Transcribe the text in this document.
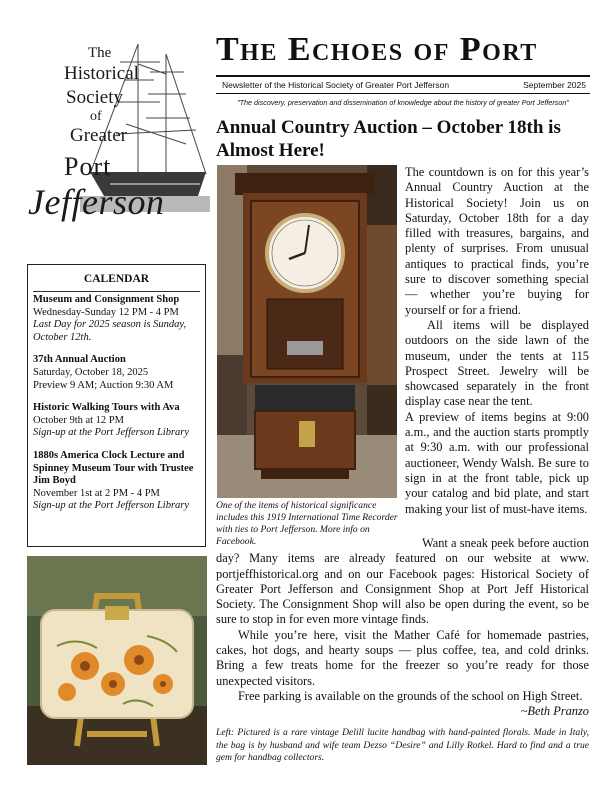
The
Historical
Society
of
Greater
Port
Jefferson
The Echoes of Port
Newsletter of the Historical Society of Greater Port Jefferson	September 2025
"The discovery, preservation and dissemination of knowledge about the history of greater Port Jefferson"
Annual Country Auction – October 18th is Almost Here!
One of the items of historical significance includes this 1919 International Time Recorder with ties to Port Jefferson. More info on Facebook.

The countdown is on for this year’s Annual Country Auction at the Historical Society! Join us on Saturday, October 18th for a day filled with treasures, bargains, and plenty of surprises. From unusual antiques to practical finds, you’re sure to discover something special — whether you’re buying for yourself or for a friend.

All items will be displayed outdoors on the side lawn of the museum, under the tents at 115 Prospect Street. Jewelry will be showcased separately in the front display case near the tent.

A preview of items begins at 9:00 a.m., and the auction starts promptly at 9:30 a.m. with our professional auctioneer, Wendy Walsh. Be sure to sign in at the front table, pick up your catalog and bid plate, and start making your list of must-have items.

Want a sneak peek before auction day? Many items are already featured on our website at www. portjeffhistorical.org and on our Facebook pages: Historical Society of Greater Port Jefferson and Consignment Shop at Port Jeff Historical Society. The Consignment Shop will also be open during the event, so be sure to stop in for even more vintage finds.

While you’re here, visit the Mather Café for homemade pastries, cakes, hot dogs, and hearty soups — plus coffee, tea, and cold drinks. Bring a few treats home for the freezer so you’re ready for those unexpected visitors.

Free parking is available on the grounds of the school on High Street.

~Beth Pranzo

Left: Pictured is a rare vintage Delill lucite handbag with hand-painted florals. Made in Italy, the bag is by husband and wife team Dezso “Desire” and Lilly Rotkel. Hard to find and a true gem for handbag collectors.
CALENDAR
Museum and Consignment Shop
Wednesday-Sunday 12 PM - 4 PM
Last Day for 2025 season is Sunday, October 12th.
37th Annual Auction
Saturday, October 18, 2025
Preview 9 AM; Auction 9:30 AM
Historic Walking Tours with Ava
October 9th at 12 PM
Sign-up at the Port Jefferson Library
1880s America Clock Lecture and Spinney Museum Tour with Trustee Jim Boyd
November 1st at 2 PM - 4 PM
Sign-up at the Port Jefferson Library
